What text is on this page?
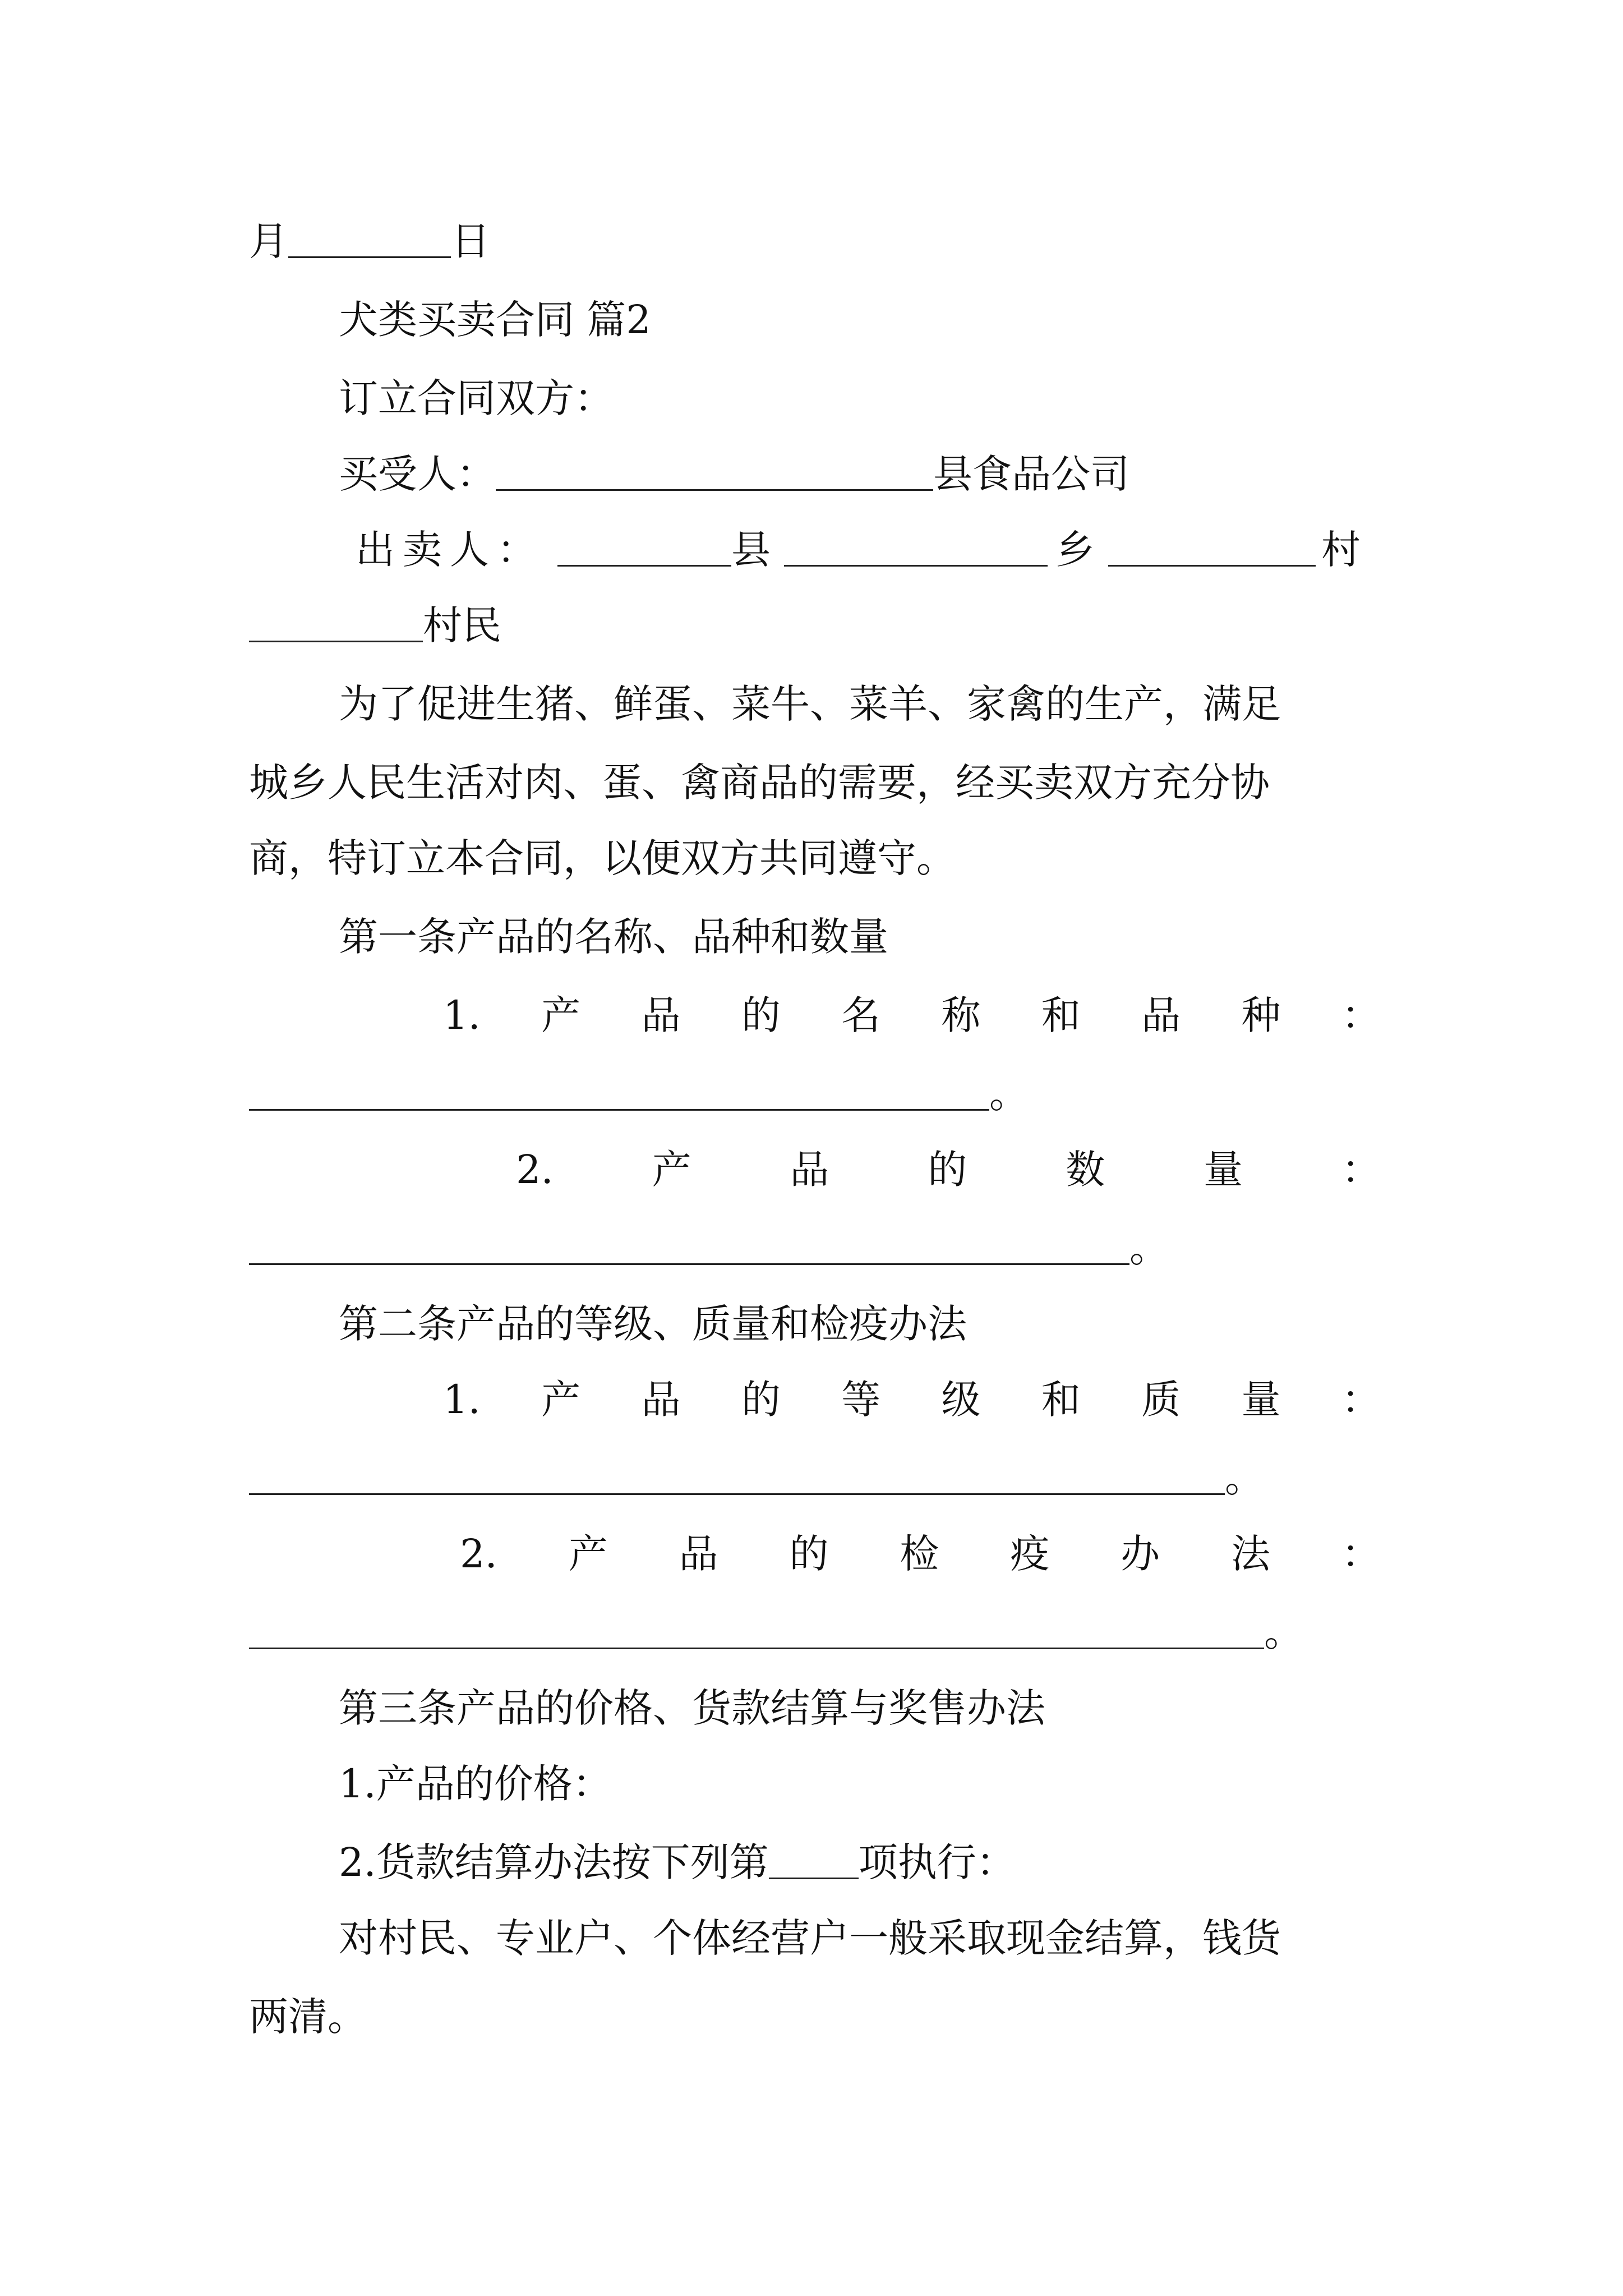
月	日
犬类买卖合同 篇2
订立合同双方：
买受人：	县食品公司
出卖人：	县	乡	村
村民
为了促进生猪、鲜蛋、菜牛、菜羊、家禽的生产，满足
城乡人民生活对肉、蛋、禽商品的需要，经买卖双方充分协
商，特订立本合同，以便双方共同遵守。
第一条产品的名称、品种和数量
1. 产 品 的 名 称 和 品 种 ：
。
2.	产	品	的	数	量	：
。
第二条产品的等级、质量和检疫办法
1. 产 品 的 等 级 和 质 量 ：
。
2. 产 品 的 检 疫 办 法 ：
。
第三条产品的价格、货款结算与奖售办法
1.产品的价格：
2.货款结算办法按下列第 项执行：
对村民、专业户、个体经营户一般采取现金结算，钱货
两清。
